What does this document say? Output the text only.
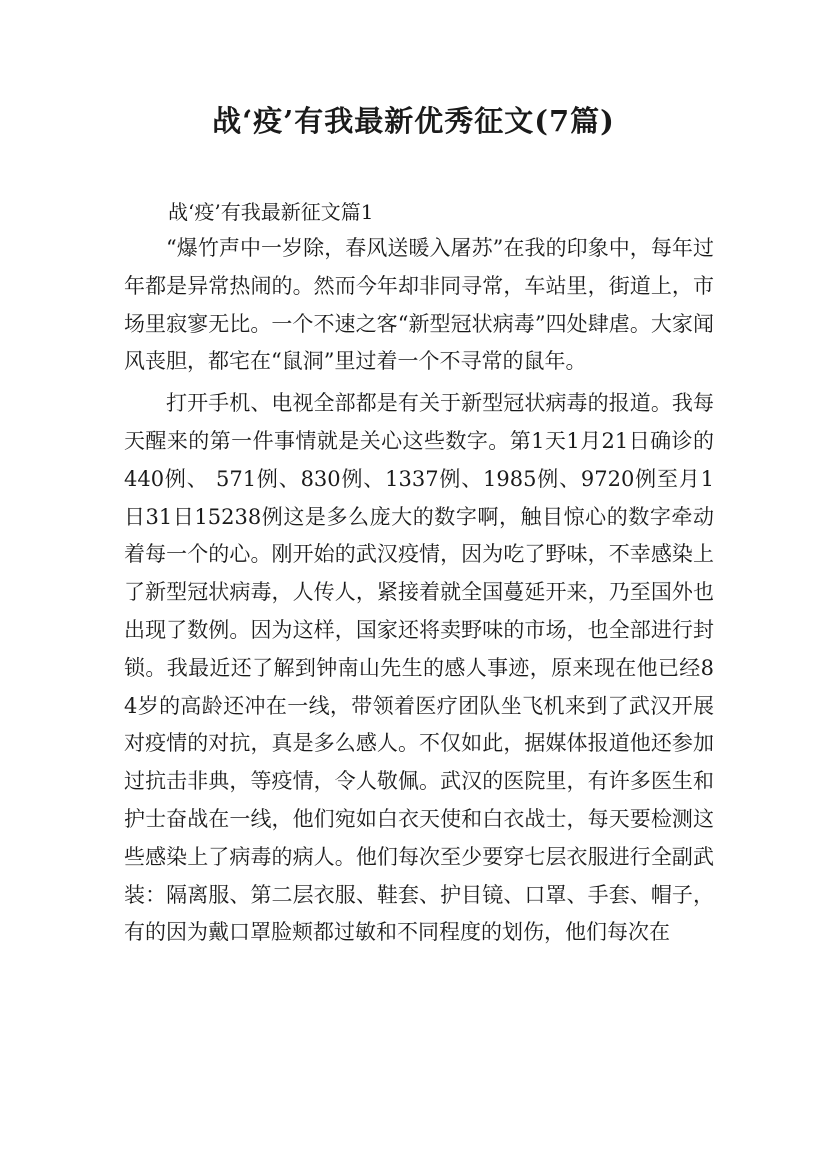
战‘疫’有我最新优秀征文(7篇)

战‘疫’有我最新征文篇1

“爆竹声中一岁除，春风送暖入屠苏”在我的印象中，每年过年都是异常热闹的。然而今年却非同寻常，车站里，街道上，市场里寂寥无比。一个不速之客“新型冠状病毒”四处肆虐。大家闻风丧胆，都宅在“鼠洞”里过着一个不寻常的鼠年。

打开手机、电视全部都是有关于新型冠状病毒的报道。我每天醒来的第一件事情就是关心这些数字。第1天1月21日确诊的440例、 571例、830例、1337例、1985例、9720例至月1日31日15238例这是多么庞大的数字啊，触目惊心的数字牵动着每一个的心。刚开始的武汉疫情，因为吃了野味，不幸感染上了新型冠状病毒，人传人，紧接着就全国蔓延开来，乃至国外也出现了数例。因为这样，国家还将卖野味的市场，也全部进行封锁。我最近还了解到钟南山先生的感人事迹，原来现在他已经84岁的高龄还冲在一线，带领着医疗团队坐飞机来到了武汉开展对疫情的对抗，真是多么感人。不仅如此，据媒体报道他还参加过抗击非典，等疫情，令人敬佩。武汉的医院里，有许多医生和护士奋战在一线，他们宛如白衣天使和白衣战士，每天要检测这些感染上了病毒的病人。他们每次至少要穿七层衣服进行全副武装：隔离服、第二层衣服、鞋套、护目镜、口罩、手套、帽子，有的因为戴口罩脸颊都过敏和不同程度的划伤，他们每次在
